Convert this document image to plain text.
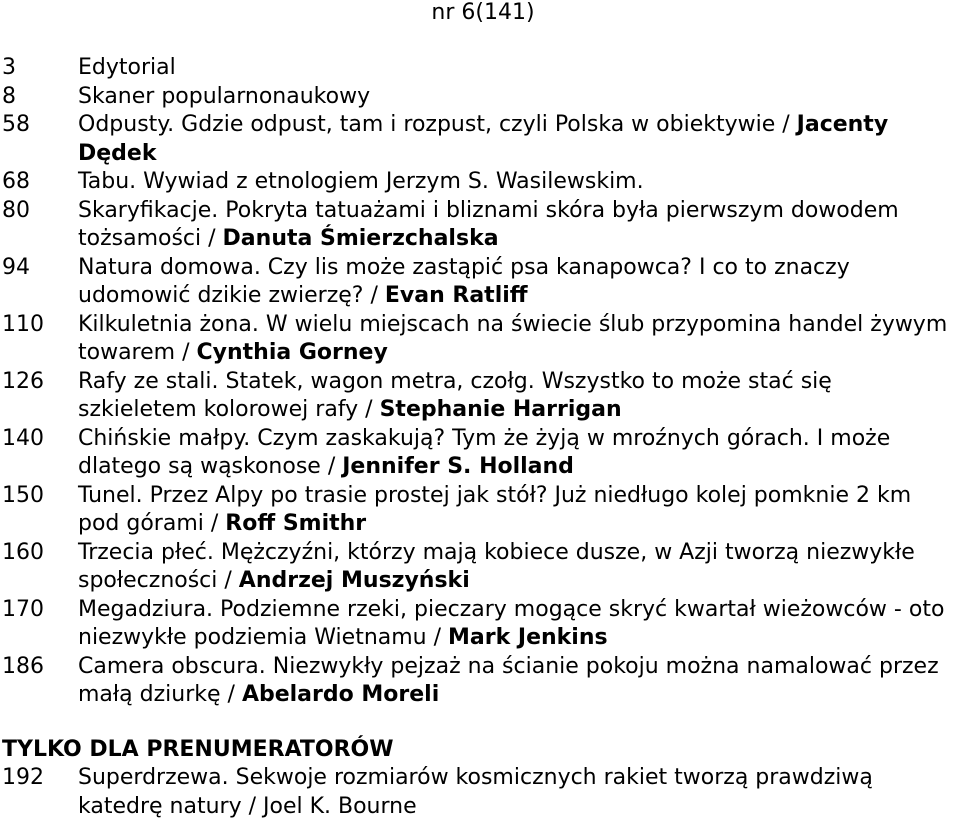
nr 6(141)
3	Edytorial
8	Skaner popularnonaukowy
58	Odpusty. Gdzie odpust, tam i rozpust, czyli Polska w obiektywie / Jacenty Dędek
68	Tabu. Wywiad z etnologiem Jerzym S. Wasilewskim.
80	Skaryfikacje. Pokryta tatuażami i bliznami skóra była pierwszym dowodem tożsamości / Danuta Śmierzchalska
94	Natura domowa. Czy lis może zastąpić psa kanapowca? I co to znaczy udomowić dzikie zwierzę? / Evan Ratliff
110	Kilkuletnia żona. W wielu miejscach na świecie ślub przypomina handel żywym towarem / Cynthia Gorney
126	Rafy ze stali. Statek, wagon metra, czołg. Wszystko to może stać się szkieletem kolorowej rafy / Stephanie Harrigan
140	Chińskie małpy. Czym zaskakują? Tym że żyją w mroźnych górach. I może dlatego są wąskonose / Jennifer S. Holland
150	Tunel. Przez Alpy po trasie prostej jak stół? Już niedługo kolej pomknie 2 km pod górami / Roff Smithr
160	Trzecia płeć. Mężczyźni, którzy mają kobiece dusze, w Azji tworzą niezwykłe społeczności / Andrzej Muszyński
170	Megadziura. Podziemne rzeki, pieczary mogące skryć kwartał wieżowców - oto niezwykłe podziemia Wietnamu / Mark Jenkins
186	Camera obscura. Niezwykły pejzaż na ścianie pokoju można namalować przez małą dziurkę / Abelardo Moreli
TYLKO DLA PRENUMERATORÓW
192	Superdrzewa. Sekwoje rozmiarów kosmicznych rakiet tworzą prawdziwą katedrę natury / Joel K. Bourne
